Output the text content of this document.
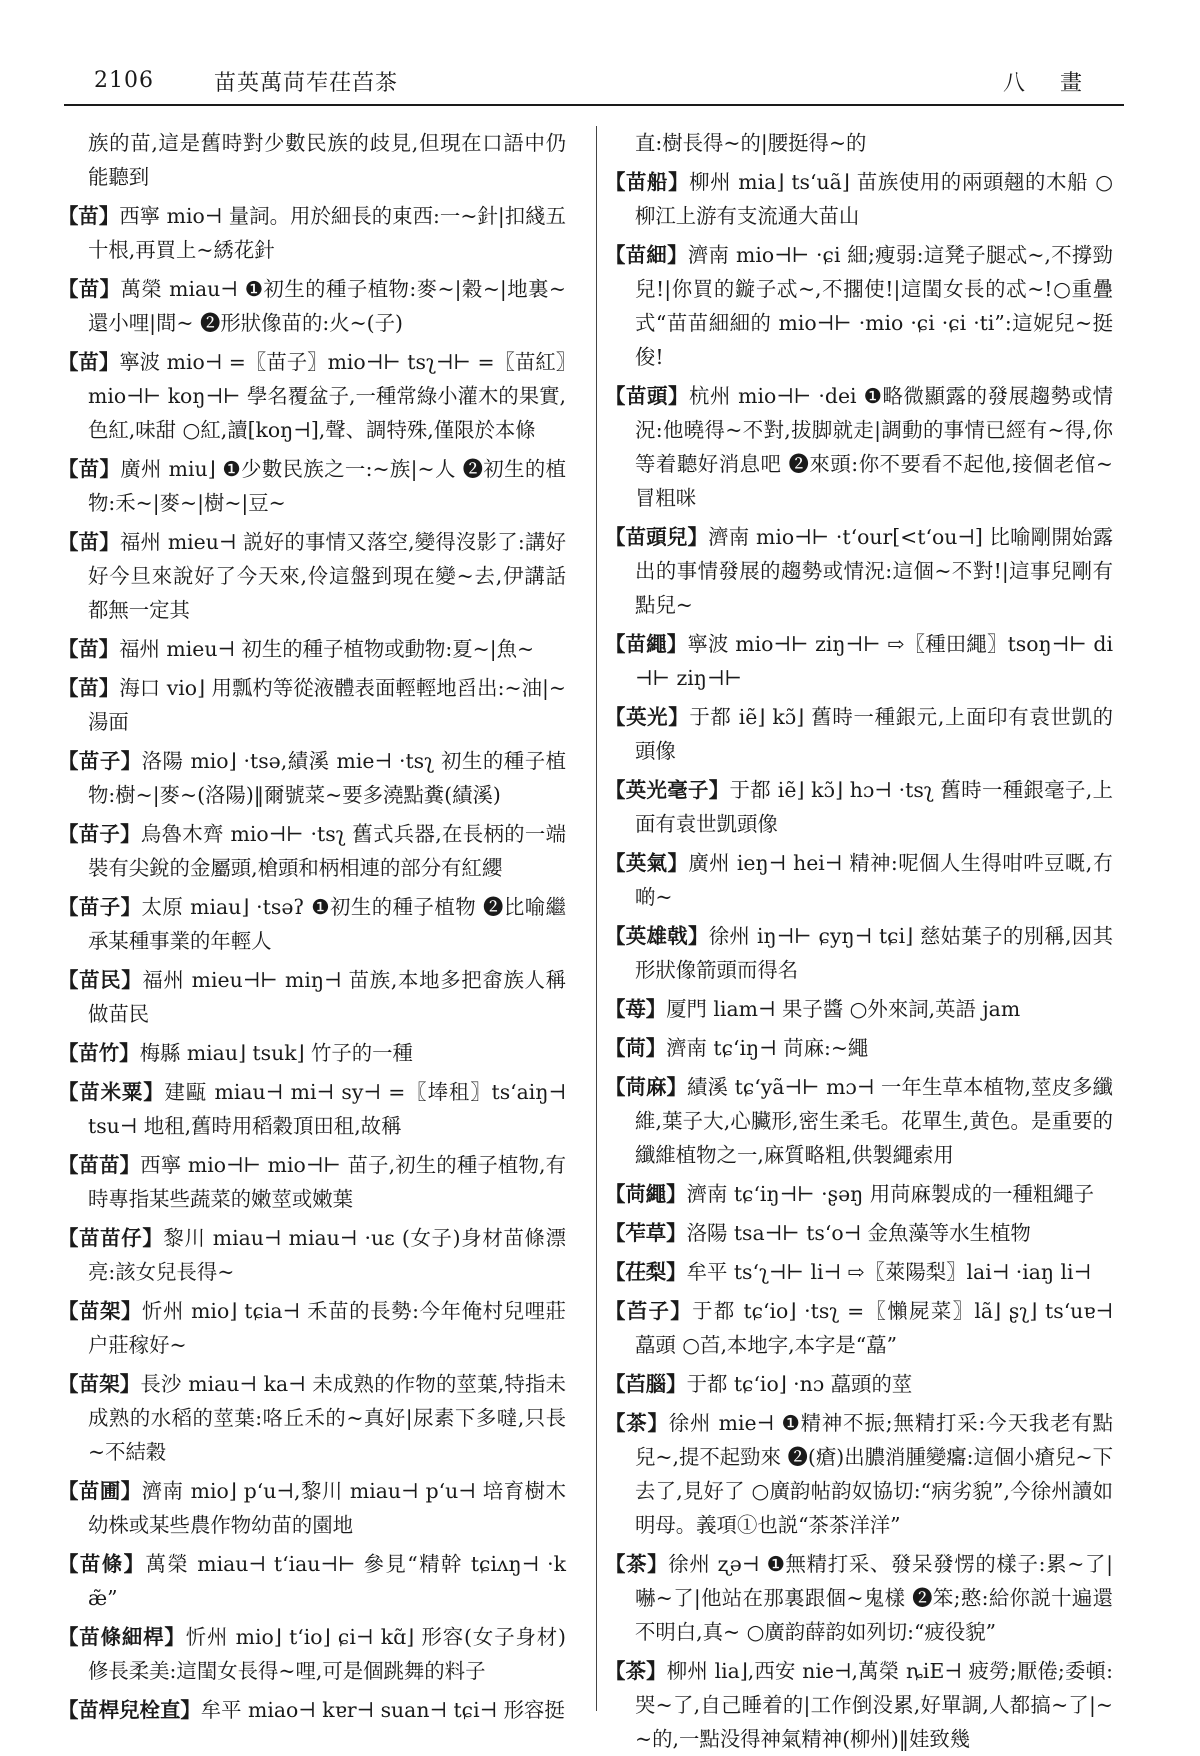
2106	苗英萬苘苲茌苩茶	八 畫

族的苗,這是舊時對少數民族的歧見,但現在口語中仍能聽到

【苗】西寧 mio⊣ 量詞。用於細長的東西:一~針|扣綫五十根,再買上~綉花針

【苗】萬榮 miau⊣ ❶初生的種子植物:麥~|穀~|地裏~還小哩|間~ ❷形狀像苗的:火~(子)

【苗】寧波 mio⊣ =〖苗子〗mio⊣⊢ tsʅ⊣⊢ =〖苗紅〗mio⊣⊢ koŋ⊣⊢ 學名覆盆子,一種常綠小灌木的果實,色紅,味甜 ○紅,讀[koŋ⊣],聲、調特殊,僅限於本條

【苗】廣州 miu⌋ ❶少數民族之一:~族|~人 ❷初生的植物:禾~|麥~|樹~|豆~

【苗】福州 mieu⊣ 説好的事情又落空,變得沒影了:講好好今旦來說好了今天來,伶這盤到現在變~去,伊講話都無一定其

【苗】福州 mieu⊣ 初生的種子植物或動物:夏~|魚~

【苗】海口 vio⌋ 用瓢杓等從液體表面輕輕地舀出:~油|~湯面

【苗子】洛陽 mio⌋ ·tsə,績溪 mie⊣ ·tsʅ 初生的種子植物:樹~|麥~(洛陽)‖爾號菜~要多澆點糞(績溪)

【苗子】烏魯木齊 mio⊣⊢ ·tsʅ 舊式兵器,在長柄的一端裝有尖銳的金屬頭,槍頭和柄相連的部分有紅纓

【苗子】太原 miau⌋ ·tsəʔ ❶初生的種子植物 ❷比喻繼承某種事業的年輕人

【苗民】福州 mieu⊣⊢ miŋ⊣ 苗族,本地多把畲族人稱做苗民

【苗竹】梅縣 miau⌋ tsuk⌋ 竹子的一種

【苗米粟】建甌 miau⊣ mi⊣ sy⊣ =〖埲租〗tsʻaiŋ⊣ tsu⊣ 地租,舊時用稻穀頂田租,故稱

【苗苗】西寧 mio⊣⊢ mio⊣⊢ 苗子,初生的種子植物,有時專指某些蔬菜的嫩莖或嫩葉

【苗苗仔】黎川 miau⊣ miau⊣ ·uɛ (女子)身材苗條漂亮:該女兒長得~

【苗架】忻州 mio⌋ tɕia⊣ 禾苗的長勢:今年俺村兒哩莊户莊稼好~

【苗架】長沙 miau⊣ ka⊣ 未成熟的作物的莖葉,特指未成熟的水稻的莖葉:咯丘禾的~真好|尿素下多噠,只長~不結穀

【苗圃】濟南 mio⌋ pʻu⊣,黎川 miau⊣ pʻu⊣ 培育樹木幼株或某些農作物幼苗的園地

【苗條】萬榮 miau⊣ tʻiau⊣⊢ 參見“精幹 tɕiʌŋ⊣ ·kæ̃”

【苗條細桿】忻州 mio⌋ tʻio⌋ ɕi⊣ kɑ̃⌋ 形容(女子身材)修長柔美:這閨女長得~哩,可是個跳舞的料子

【苗桿兒栓直】牟平 miao⊣ kɐr⊣ suan⊣ tɕi⊣ 形容挺

直:樹長得~的|腰挺得~的

【苗船】柳州 mia⌋ tsʻuã⌋ 苗族使用的兩頭翹的木船 ○柳江上游有支流通大苗山

【苗細】濟南 mio⊣⊢ ·ɕi 細;瘦弱:這凳子腿忒~,不撐勁兒!|你買的鏇子忒~,不擱使!|這閨女長的忒~!○重疊式“苗苗細細的 mio⊣⊢ ·mio ·ɕi ·ɕi ·ti”:這妮兒~挺俊!

【苗頭】杭州 mio⊣⊢ ·dei ❶略微顯露的發展趨勢或情況:他曉得~不對,拔脚就走|調動的事情已經有~得,你等着聽好消息吧 ❷來頭:你不要看不起他,接個老倌~冒粗咪

【苗頭兒】濟南 mio⊣⊢ ·tʻour[<tʻou⊣] 比喻剛開始露出的事情發展的趨勢或情況:這個~不對!|這事兒剛有點兒~

【苗繩】寧波 mio⊣⊢ ziŋ⊣⊢ ⇨〖種田繩〗tsoŋ⊣⊢ di⊣⊢ ziŋ⊣⊢

【英光】于都 iẽ⌋ kɔ̃⌋ 舊時一種銀元,上面印有袁世凱的頭像

【英光毫子】于都 iẽ⌋ kɔ̃⌋ hɔ⊣ ·tsʅ 舊時一種銀毫子,上面有袁世凱頭像

【英氣】廣州 ieŋ⊣ hei⊣ 精神:呢個人生得咁吽豆嘅,冇啲~

【英雄戟】徐州 iŋ⊣⊢ ɕyŋ⊣ tɕi⌋ 慈姑葉子的別稱,因其形狀像箭頭而得名

【苺】厦門 liam⊣ 果子醬 ○外來詞,英語 jam

【苘】濟南 tɕʻiŋ⊣ 苘麻:~繩

【苘麻】績溪 tɕʻyã⊣⊢ mɔ⊣ 一年生草本植物,莖皮多纖維,葉子大,心臟形,密生柔毛。花單生,黄色。是重要的纖維植物之一,麻質略粗,供製繩索用

【苘繩】濟南 tɕʻiŋ⊣⊢ ·ʂəŋ 用苘麻製成的一種粗繩子

【苲草】洛陽 tsa⊣⊢ tsʻo⊣ 金魚藻等水生植物

【茌梨】牟平 tsʻʅ⊣⊢ li⊣ ⇨〖萊陽梨〗lai⊣ ·iaŋ li⊣

【苩子】于都 tɕʻio⌋ ·tsʅ =〖懶屍菜〗lã⌋ ʂʅ⌋ tsʻuɐ⊣ 藠頭 ○苩,本地字,本字是“藠”

【苩腦】于都 tɕʻio⌋ ·nɔ 藠頭的莖

【茶】徐州 mie⊣ ❶精神不振;無精打采:今天我老有點兒~,提不起勁來 ❷(瘡)出膿消腫變癟:這個小瘡兒~下去了,見好了 ○廣韵帖韵奴協切:“病劣貌”,今徐州讀如明母。義項①也説“茶茶洋洋”

【茶】徐州 ʐə⊣ ❶無精打采、發呆發愣的樣子:累~了|嚇~了|他站在那裏跟個~鬼樣 ❷笨;憨:給你説十遍還不明白,真~ ○廣韵薛韵如列切:“疲役貌”

【茶】柳州 lia⌋,西安 nie⊣,萬榮 ȵiE⊣ 疲勞;厭倦;委頓:哭~了,自己睡着的|工作倒没累,好單調,人都搞~了|~~的,一點没得神氣精神(柳州)‖娃致幾
